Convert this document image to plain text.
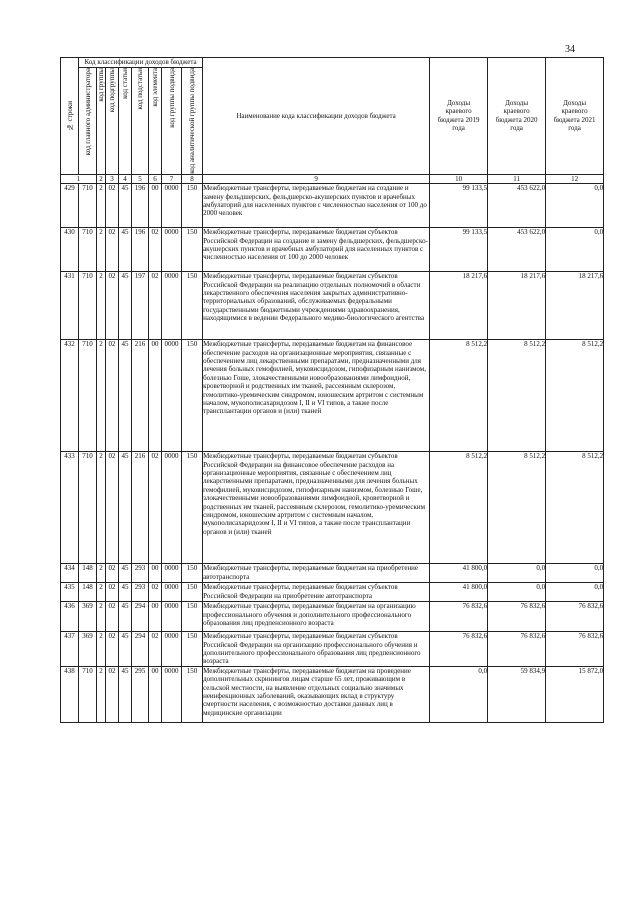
34
№ строки	Код классификации доходов бюджета								Наименование кода классификации доходов бюджета	Доходы краевого бюджета 2019 года	Доходы краевого бюджета 2020 года	Доходы краевого бюджета 2021 года

	код главного администратора	код группы	код подгруппы	код статьи	код подстатьи	код элемента	код группы подвида	код аналитической группы подвида				

1		2	3	4	5	6	7	8	9	10	11	12
429	710	2	02	45	196	00	0000	150	Межбюджетные трансферты, передаваемые бюджетам на создание и замену фельдшерских, фельдшерско-акушерских пунктов и врачебных амбулаторий для населенных пунктов с численностью населения от 100 до 2000 человек	99 133,5	453 622,0	0,0
430	710	2	02	45	196	02	0000	150	Межбюджетные трансферты, передаваемые бюджетам субъектов Российской Федерации на создание и замену фельдшерских, фельдшерско-акушерских пунктов и врачебных амбулаторий для населенных пунктов с численностью населения от 100 до 2000 человек	99 133,5	453 622,0	0,0
431	710	2	02	45	197	02	0000	150	Межбюджетные трансферты, передаваемые бюджетам субъектов Российской Федерации на реализацию отдельных полномочий в области лекарственного обеспечения населения закрытых административно-территориальных образований, обслуживаемых федеральными государственными бюджетными учреждениями здравоохранения, находящимися в ведении Федерального медико-биологического агентства	18 217,6	18 217,6	18 217,6
432	710	2	02	45	216	00	0000	150	Межбюджетные трансферты, передаваемые бюджетам на финансовое обеспечение расходов на организационные мероприятия, связанные с обеспечением лиц лекарственными препаратами, предназначенными для лечения больных гемофилией, муковисцидозом, гипофизарным нанизмом, болезнью Гоше, злокачественными новообразованиями лимфоидной, кроветворной и родственных им тканей, рассеянным склерозом, гемолитико-уремическим синдромом, юношеским артритом с системным началом, мукополисахаридозом I, II и VI типов, а также после трансплантации органов и (или) тканей	8 512,2	8 512,2	8 512,2
433	710	2	02	45	216	02	0000	150	Межбюджетные трансферты, передаваемые бюджетам субъектов Российской Федерации на финансовое обеспечение расходов на организационные мероприятия, связанные с обеспечением лиц лекарственными препаратами, предназначенными для лечения больных гемофилией, муковисцидозом, гипофизарным нанизмом, болезнью Гоше, злокачественными новообразованиями лимфоидной, кроветворной и родственных им тканей, рассеянным склерозом, гемолитико-уремическим синдромом, юношеским артритом с системным началом, мукополисахаридозом I, II и VI типов, а также после трансплантации органов и (или) тканей	8 512,2	8 512,2	8 512,2
434	148	2	02	45	293	00	0000	150	Межбюджетные трансферты, передаваемые бюджетам на приобретение автотранспорта	41 800,0	0,0	0,0
435	148	2	02	45	293	02	0000	150	Межбюджетные трансферты, передаваемые бюджетам субъектов Российской Федерации на приобретение автотранспорта	41 800,0	0,0	0,0
436	369	2	02	45	294	00	0000	150	Межбюджетные трансферты, передаваемые бюджетам на организацию профессионального обучения и дополнительного профессионального образования лиц предпенсионного возраста	76 832,6	76 832,6	76 832,6
437	369	2	02	45	294	02	0000	150	Межбюджетные трансферты, передаваемые бюджетам субъектов Российской Федерации на организацию профессионального обучения и дополнительного профессионального образования лиц предпенсионного возраста	76 832,6	76 832,6	76 832,6
438	710	2	02	45	295	00	0000	150	Межбюджетные трансферты, передаваемые бюджетам на проведение дополнительных скринингов лицам старше 65 лет, проживающим в сельской местности, на выявление отдельных социально значимых неинфекционных заболеваний, оказывающих вклад в структуру смертности населения, с возможностью доставки данных лиц в медицинские организации	0,0	59 834,9	15 872,0
